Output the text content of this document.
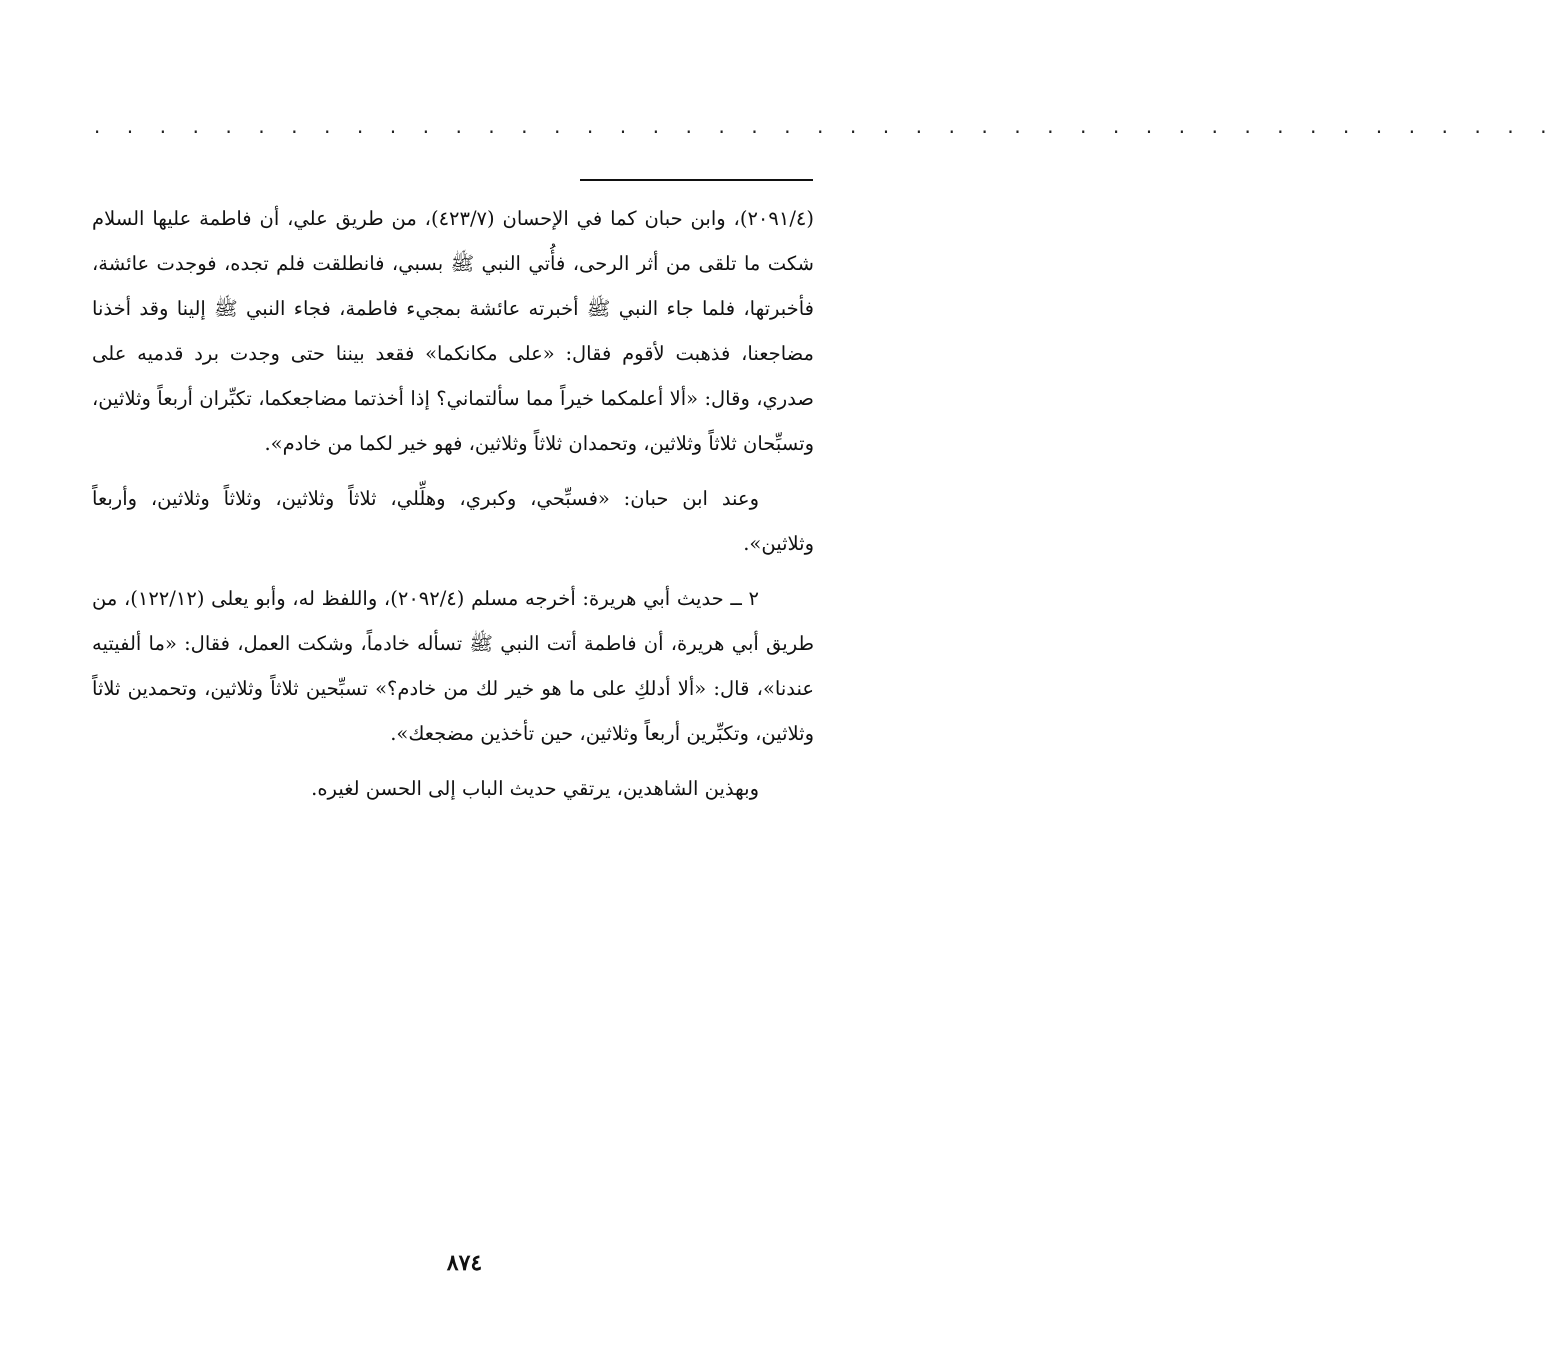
. . . . . . . . . . . . . . . . . . . . . . . . . . . . . . . . . . . . . . . . . . . . .

(٢٠٩١/٤)، وابن حبان كما في الإحسان (٤٢٣/٧)، من طريق علي، أن فاطمة عليها السلام شكت ما تلقى من أثر الرحى، فأُتي النبي ﷺ بسبي، فانطلقت فلم تجده، فوجدت عائشة، فأخبرتها، فلما جاء النبي ﷺ أخبرته عائشة بمجيء فاطمة، فجاء النبي ﷺ إلينا وقد أخذنا مضاجعنا، فذهبت لأقوم فقال: «على مكانكما» فقعد بيننا حتى وجدت برد قدميه على صدري، وقال: «ألا أعلمكما خيراً مما سألتماني؟ إذا أخذتما مضاجعكما، تكبِّران أربعاً وثلاثين، وتسبِّحان ثلاثاً وثلاثين، وتحمدان ثلاثاً وثلاثين، فهو خير لكما من خادم».

وعند ابن حبان: «فسبِّحي، وكبري، وهلِّلي، ثلاثاً وثلاثين، وثلاثاً وثلاثين، وأربعاً وثلاثين».

٢ ــ حديث أبي هريرة: أخرجه مسلم (٢٠٩٢/٤)، واللفظ له، وأبو يعلى (١٢٢/١٢)، من طريق أبي هريرة، أن فاطمة أتت النبي ﷺ تسأله خادماً، وشكت العمل، فقال: «ما ألفيتيه عندنا»، قال: «ألا أدلكِ على ما هو خير لك من خادم؟» تسبِّحين ثلاثاً وثلاثين، وتحمدين ثلاثاً وثلاثين، وتكبِّرين أربعاً وثلاثين، حين تأخذين مضجعك».

وبهذين الشاهدين، يرتقي حديث الباب إلى الحسن لغيره.

٨٧٤
